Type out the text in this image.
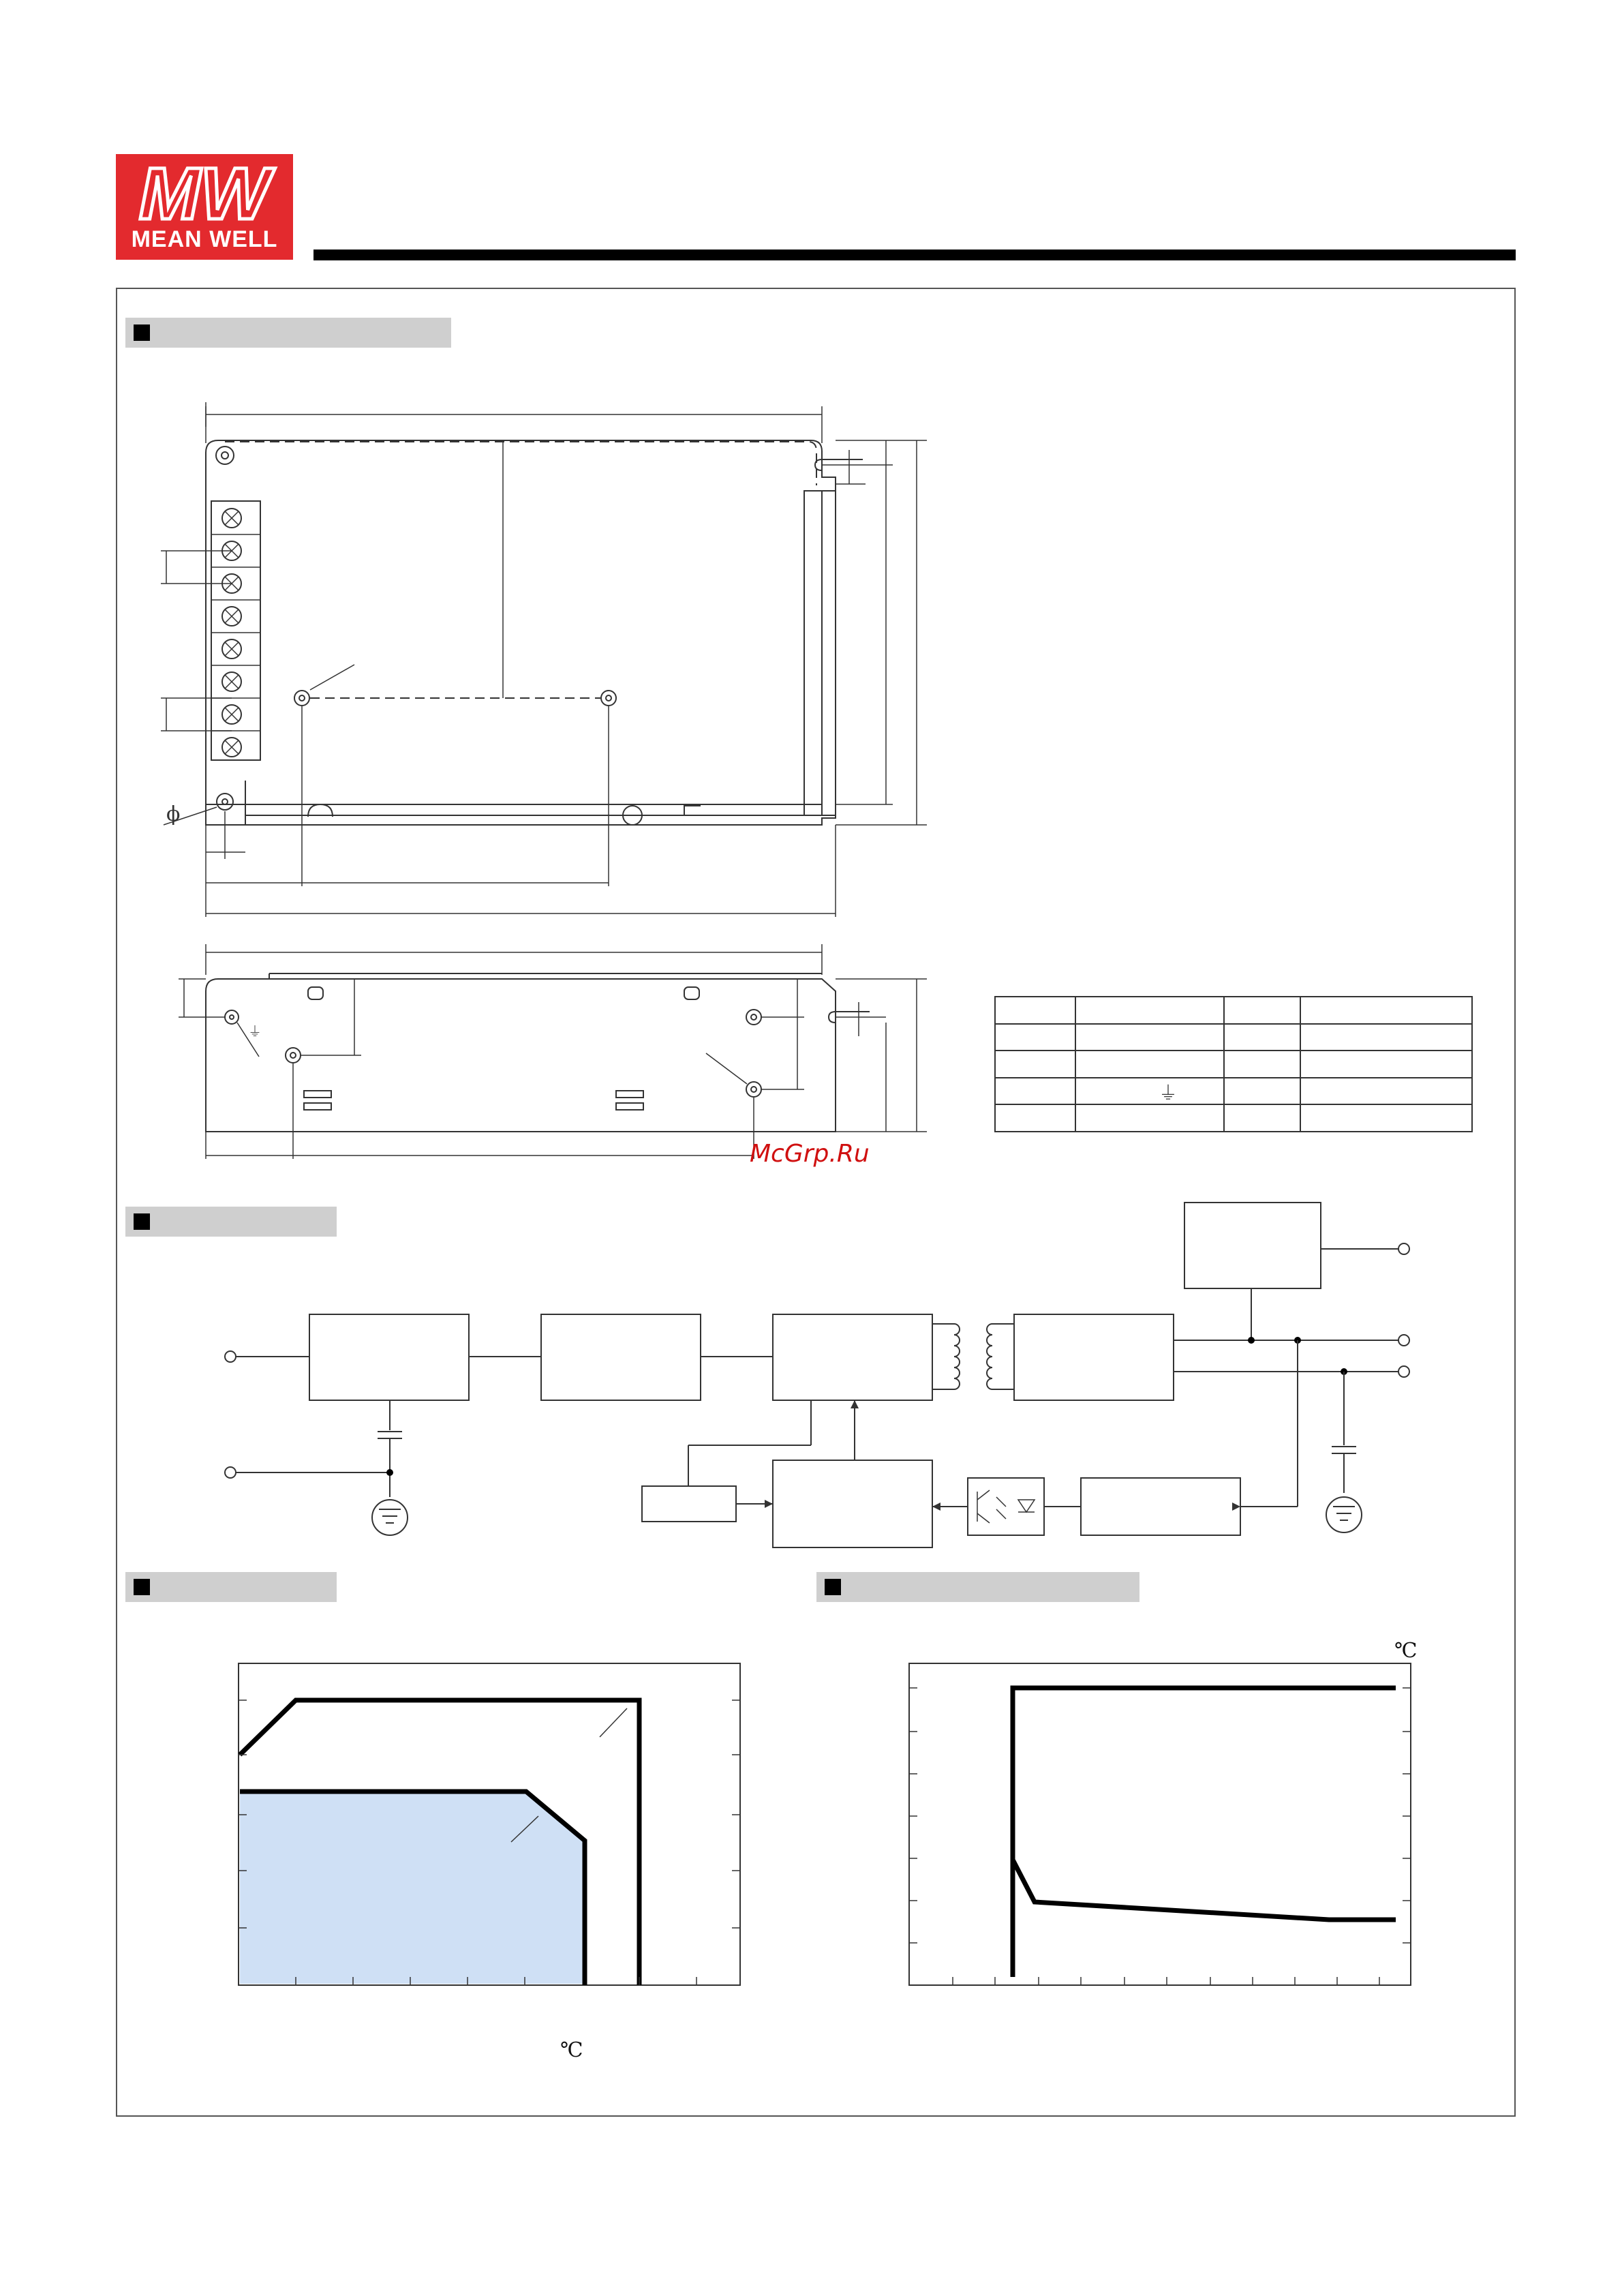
MW
MEAN WELL
ϕ
⏚
⏚
McGrp.Ru
℃
℃
